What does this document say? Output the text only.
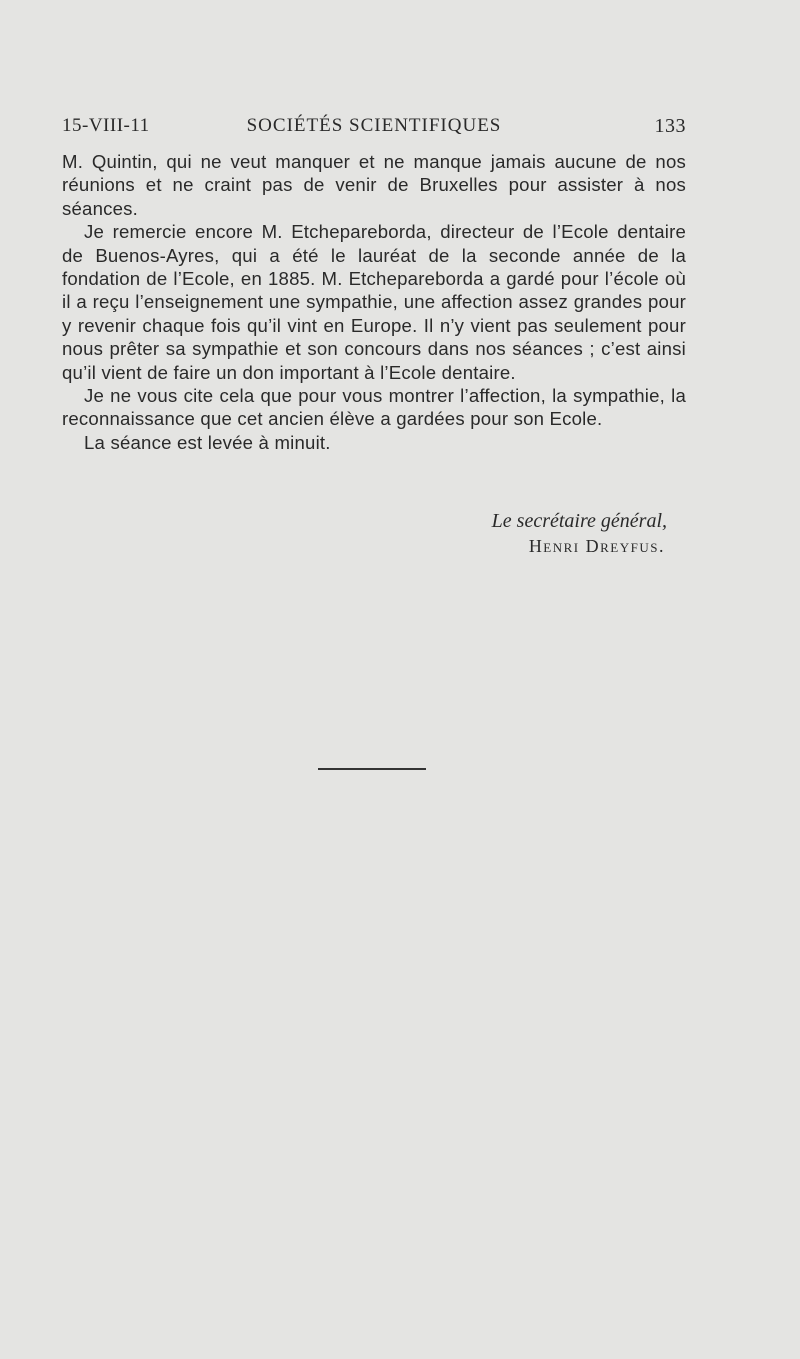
15-VIII-11	SOCIÉTÉS SCIENTIFIQUES	133

M. Quintin, qui ne veut manquer et ne manque jamais aucune de nos réunions et ne craint pas de venir de Bruxelles pour assister à nos séances.

Je remercie encore M. Etchepareborda, directeur de l’Ecole dentaire de Buenos-Ayres, qui a été le lauréat de la seconde année de la fondation de l’Ecole, en 1885. M. Etchepareborda a gardé pour l’école où il a reçu l’enseignement une sympathie, une affection assez grandes pour y revenir chaque fois qu’il vint en Europe. Il n’y vient pas seulement pour nous prêter sa sympathie et son concours dans nos séances ; c’est ainsi qu’il vient de faire un don important à l’Ecole dentaire.

Je ne vous cite cela que pour vous montrer l’affection, la sympathie, la reconnaissance que cet ancien élève a gardées pour son Ecole.

La séance est levée à minuit.

Le secrétaire général,
Henri Dreyfus.
